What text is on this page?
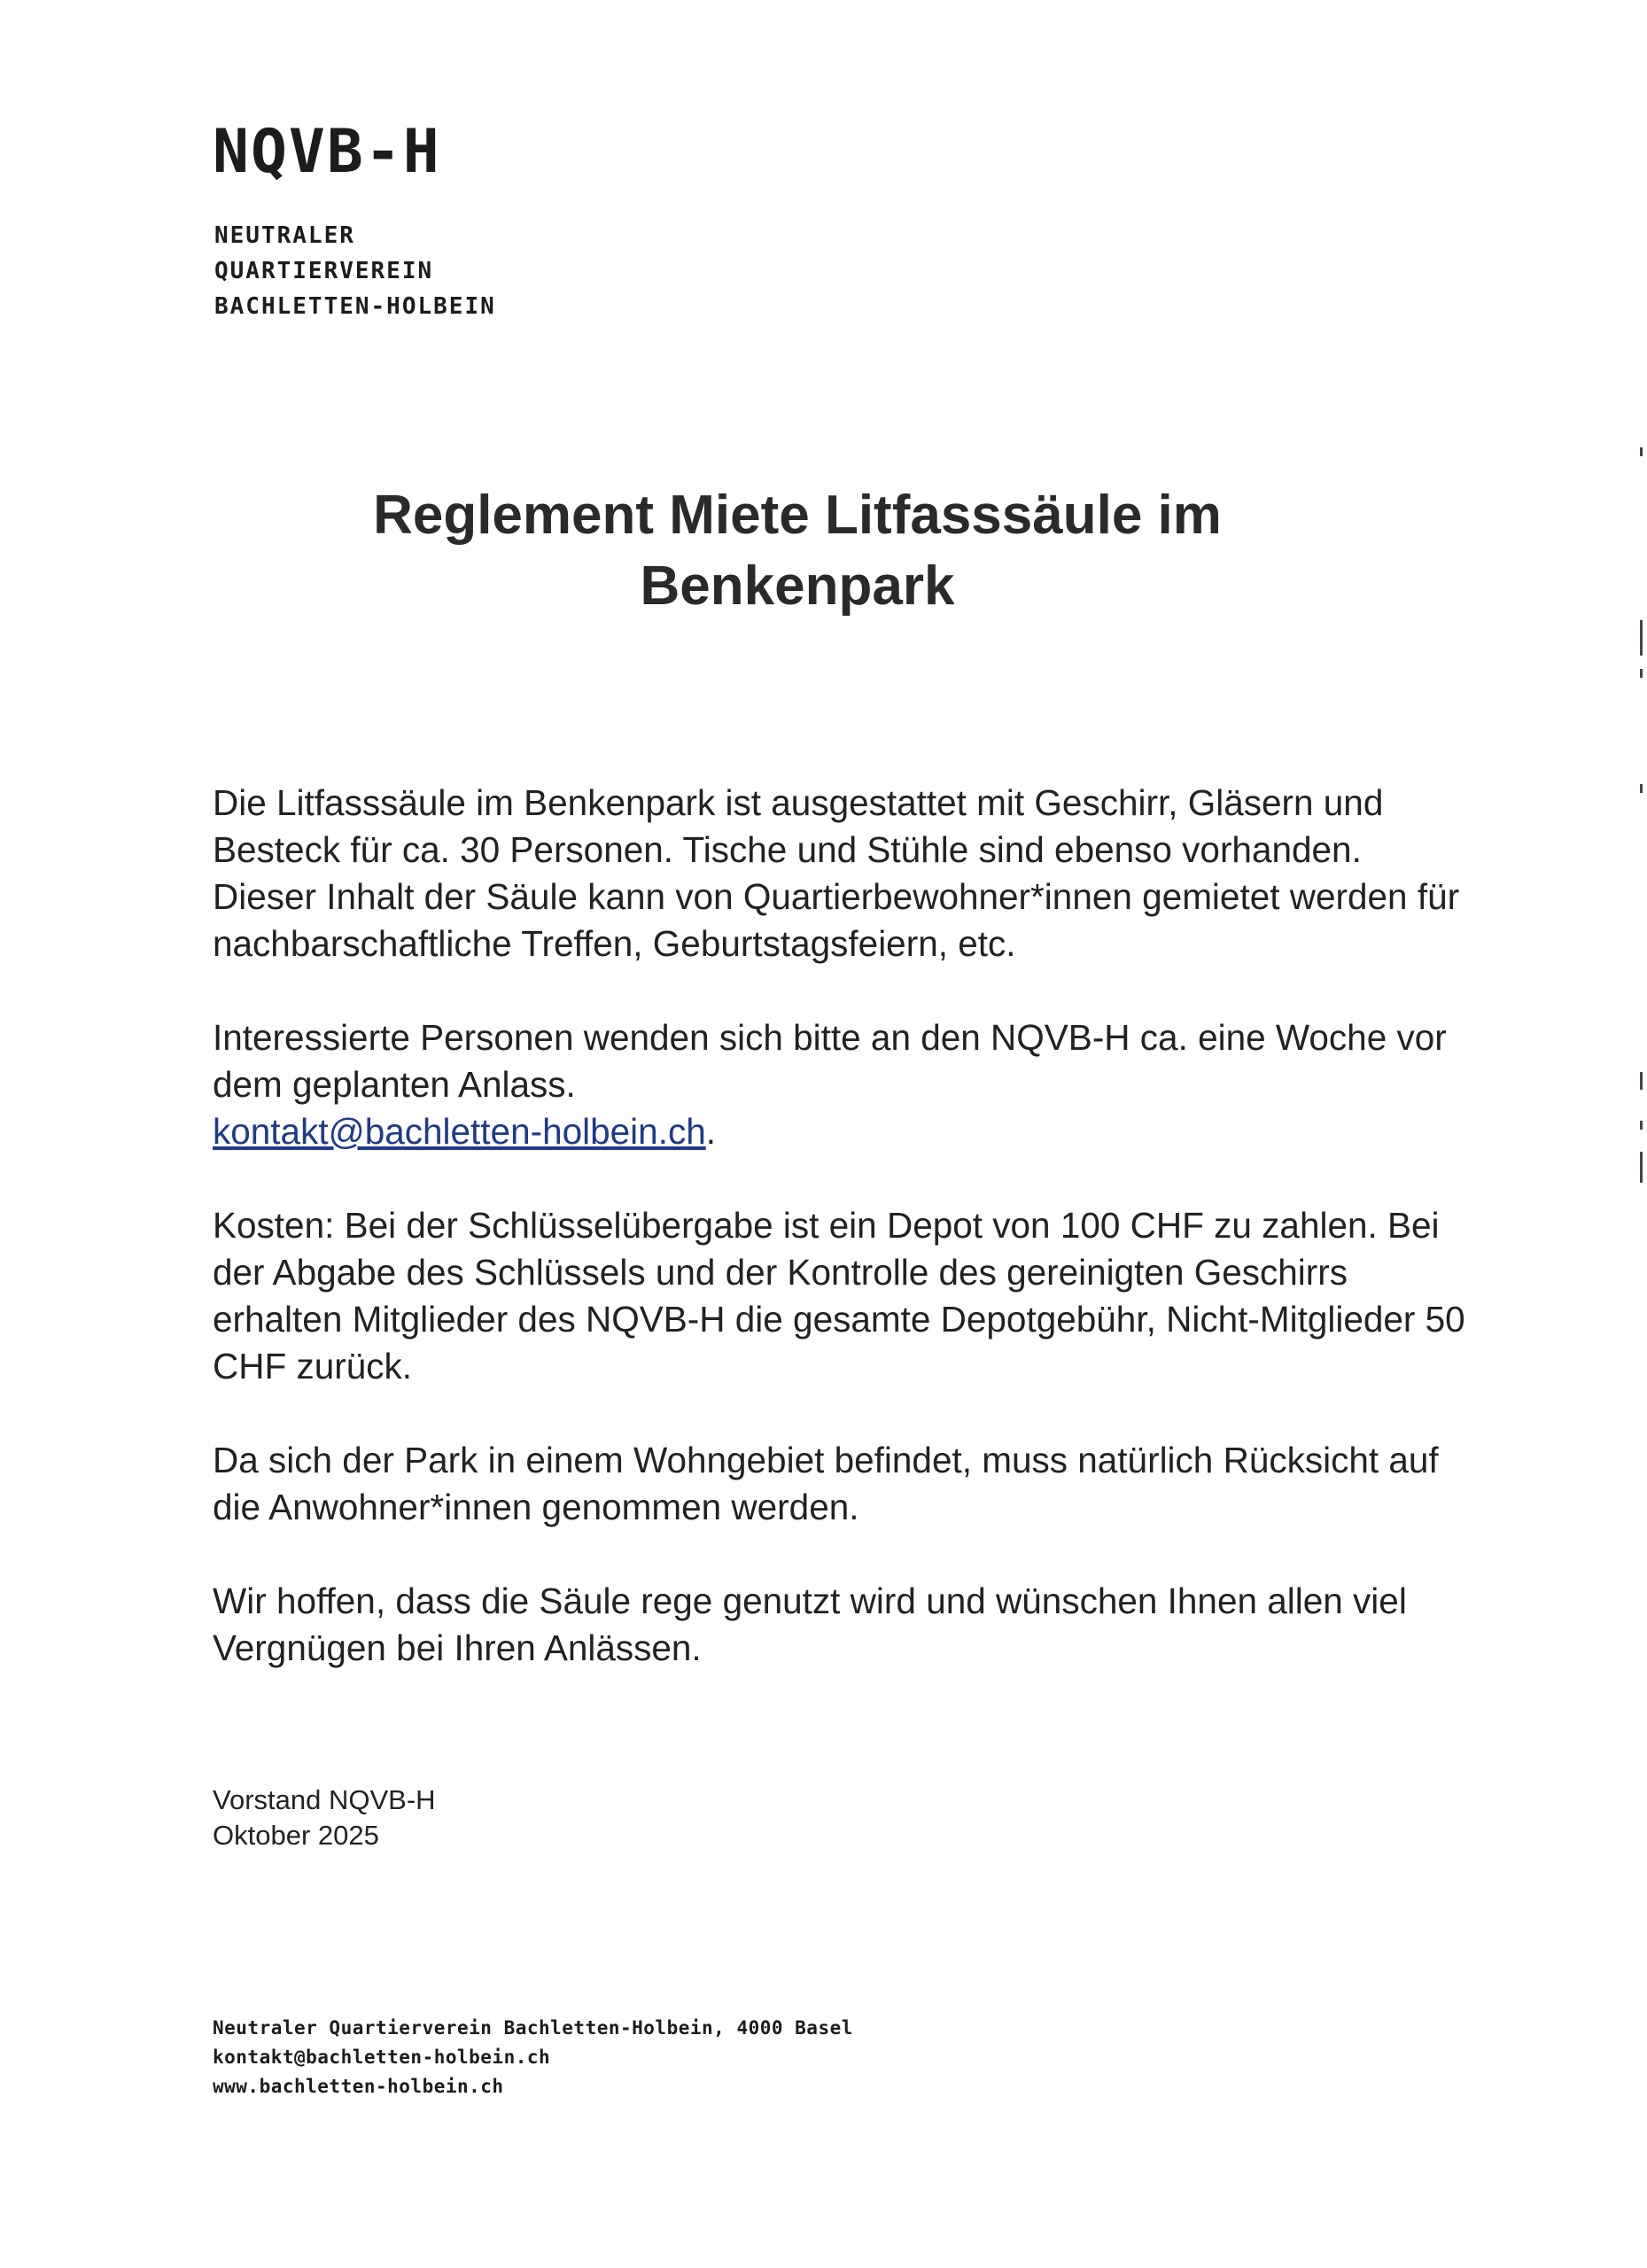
NQVB-H
NEUTRALER
QUARTIERVEREIN
BACHLETTEN-HOLBEIN
Reglement Miete Litfasssäule im
Benkenpark

Die Litfasssäule im Benkenpark ist ausgestattet mit Geschirr, Gläsern und Besteck für ca. 30 Personen. Tische und Stühle sind ebenso vorhanden. Dieser Inhalt der Säule kann von Quartierbewohner*innen gemietet werden für nachbarschaftliche Treffen, Geburtstagsfeiern, etc.

Interessierte Personen wenden sich bitte an den NQVB-H ca. eine Woche vor dem geplanten Anlass.
kontakt@bachletten-holbein.ch.

Kosten: Bei der Schlüsselübergabe ist ein Depot von 100 CHF zu zahlen. Bei der Abgabe des Schlüssels und der Kontrolle des gereinigten Geschirrs erhalten Mitglieder des NQVB-H die gesamte Depotgebühr, Nicht-Mitglieder 50 CHF zurück.

Da sich der Park in einem Wohngebiet befindet, muss natürlich Rücksicht auf die Anwohner*innen genommen werden.

Wir hoffen, dass die Säule rege genutzt wird und wünschen Ihnen allen viel Vergnügen bei Ihren Anlässen.

Vorstand NQVB-H
Oktober 2025
Neutraler Quartierverein Bachletten-Holbein, 4000 Basel
kontakt@bachletten-holbein.ch
www.bachletten-holbein.ch
